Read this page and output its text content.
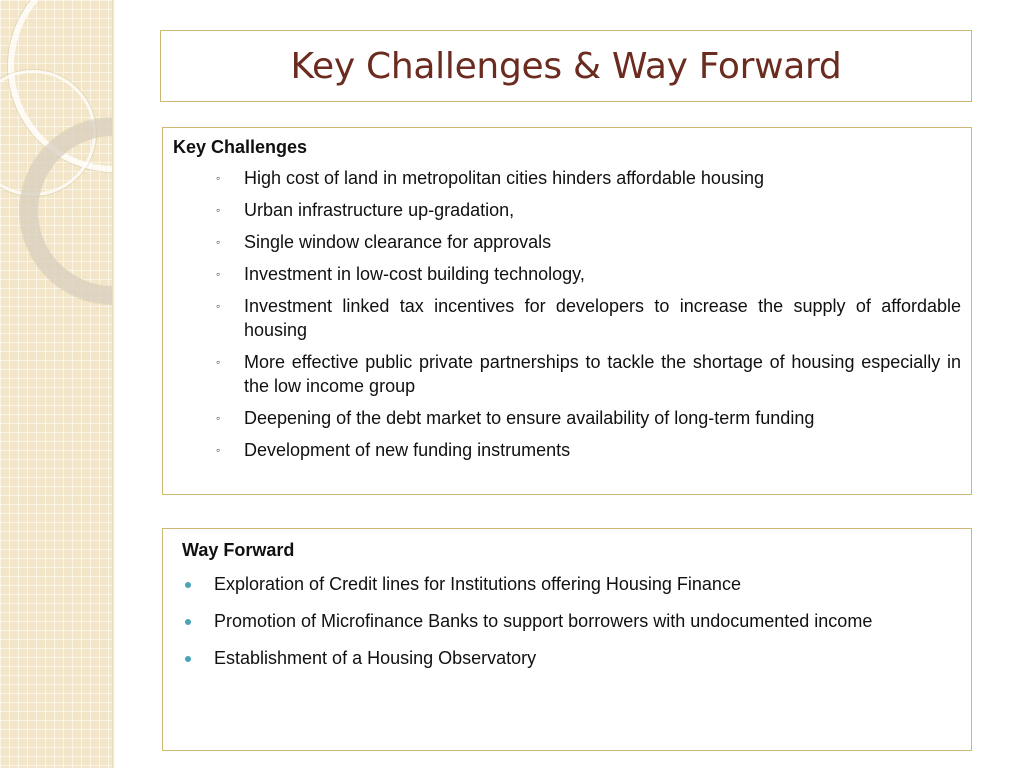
Key Challenges & Way Forward
Key Challenges
◦ High cost of land in metropolitan cities hinders affordable housing
◦ Urban infrastructure up-gradation,
◦ Single window clearance for approvals
◦ Investment in low-cost building technology,
◦ Investment linked tax incentives for developers to increase the supply of affordable housing
◦ More effective public private partnerships to tackle the shortage of housing especially in the low income group
◦ Deepening of the debt market to ensure availability of long-term funding
◦ Development of new funding instruments
Way Forward
Exploration of Credit lines for Institutions offering Housing Finance
Promotion of Microfinance Banks to support borrowers with undocumented income
Establishment of a Housing Observatory
